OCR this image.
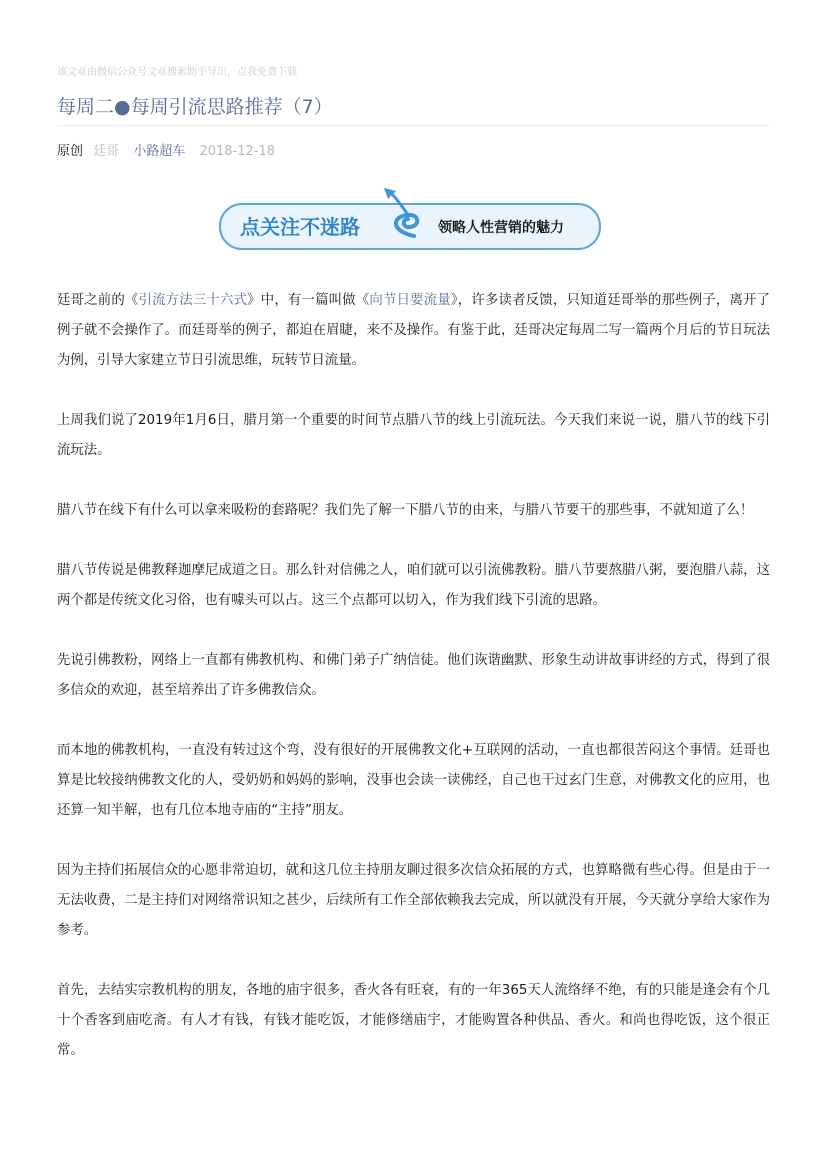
该文章由微信公众号文章搜索助手导出，点我免费下载
每周二●每周引流思路推荐（7）
原创 廷哥 小路超车 2018-12-18
点关注不迷路	领略人性营销的魅力

廷哥之前的《引流方法三十六式》中，有一篇叫做《向节日要流量》，许多读者反馈，只知道廷哥举的那些例子，离开了例子就不会操作了。而廷哥举的例子，都迫在眉睫，来不及操作。有鉴于此，廷哥决定每周二写一篇两个月后的节日玩法为例，引导大家建立节日引流思维，玩转节日流量。

上周我们说了2019年1月6日，腊月第一个重要的时间节点腊八节的线上引流玩法。今天我们来说一说，腊八节的线下引流玩法。

腊八节在线下有什么可以拿来吸粉的套路呢？我们先了解一下腊八节的由来，与腊八节要干的那些事，不就知道了么！

腊八节传说是佛教释迦摩尼成道之日。那么针对信佛之人，咱们就可以引流佛教粉。腊八节要熬腊八粥，要泡腊八蒜，这两个都是传统文化习俗，也有噱头可以占。这三个点都可以切入，作为我们线下引流的思路。

先说引佛教粉，网络上一直都有佛教机构、和佛门弟子广纳信徒。他们诙谐幽默、形象生动讲故事讲经的方式，得到了很多信众的欢迎，甚至培养出了许多佛教信众。

而本地的佛教机构，一直没有转过这个弯，没有很好的开展佛教文化+互联网的活动，一直也都很苦闷这个事情。廷哥也算是比较接纳佛教文化的人，受奶奶和妈妈的影响，没事也会读一读佛经，自己也干过玄门生意，对佛教文化的应用，也还算一知半解，也有几位本地寺庙的“主持”朋友。

因为主持们拓展信众的心愿非常迫切，就和这几位主持朋友聊过很多次信众拓展的方式，也算略微有些心得。但是由于一无法收费，二是主持们对网络常识知之甚少，后续所有工作全部依赖我去完成，所以就没有开展，今天就分享给大家作为参考。

首先，去结实宗教机构的朋友，各地的庙宇很多，香火各有旺衰，有的一年365天人流络绎不绝，有的只能是逢会有个几十个香客到庙吃斋。有人才有钱，有钱才能吃饭，才能修缮庙宇，才能购置各种供品、香火。和尚也得吃饭，这个很正常。
